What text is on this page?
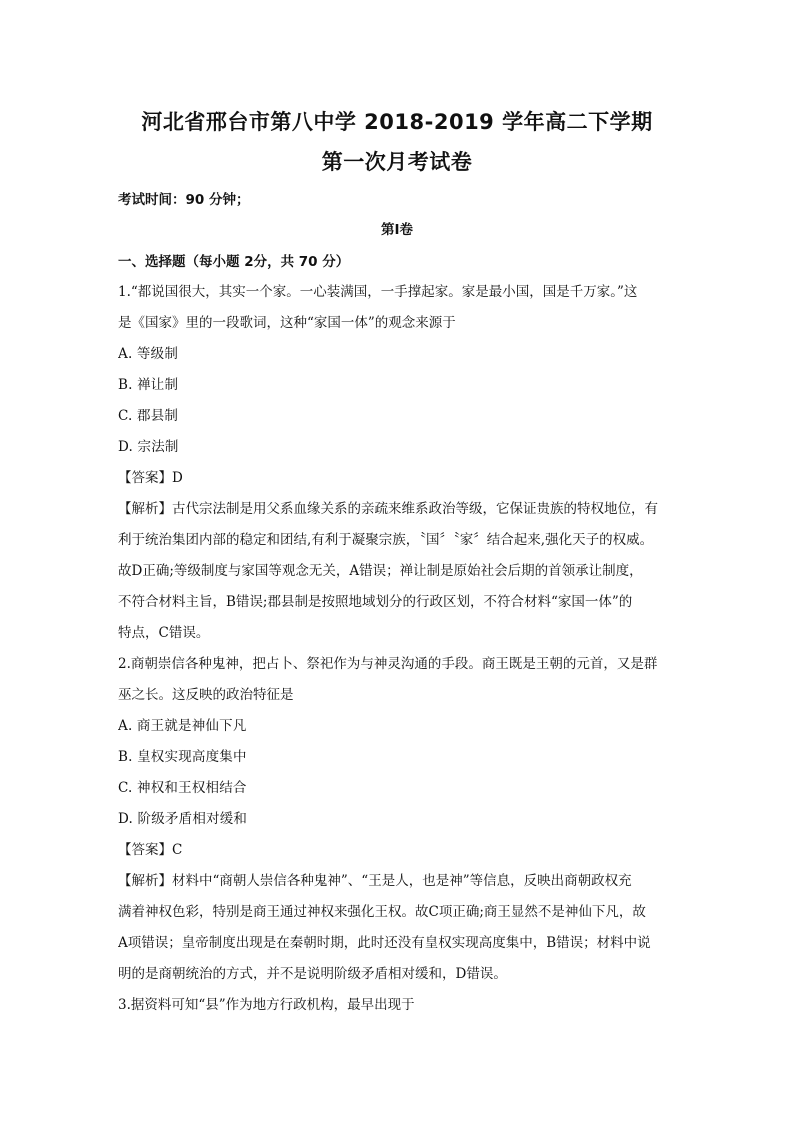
河北省邢台市第八中学 2018-2019 学年高二下学期
第一次月考试卷
考试时间：90 分钟；
第Ⅰ卷
一、选择题（每小题 2分，共 70 分）

1.“都说国很大，其实一个家。一心装满国，一手撑起家。家是最小国，国是千万家。”这

是《国家》里的一段歌词，这种“家国一体”的观念来源于

A. 等级制

B. 禅让制

C. 郡县制

D. 宗法制

【答案】D

【解析】古代宗法制是用父系血缘关系的亲疏来维系政治等级，它保证贵族的特权地位，有

利于统治集团内部的稳定和团结,有利于凝聚宗族，〝国〞〝家〞结合起来,强化天子的权威。

故D正确;等级制度与家国等观念无关，A错误；禅让制是原始社会后期的首领承让制度，

不符合材料主旨，B错误;郡县制是按照地域划分的行政区划，不符合材料“家国一体”的

特点，C错误。

2.商朝崇信各种鬼神，把占卜、祭祀作为与神灵沟通的手段。商王既是王朝的元首，又是群

巫之长。这反映的政治特征是

A. 商王就是神仙下凡

B. 皇权实现高度集中

C. 神权和王权相结合

D. 阶级矛盾相对缓和

【答案】C

【解析】材料中“商朝人崇信各种鬼神”、“王是人，也是神”等信息，反映出商朝政权充

满着神权色彩，特别是商王通过神权来强化王权。故C项正确;商王显然不是神仙下凡，故

A项错误；皇帝制度出现是在秦朝时期，此时还没有皇权实现高度集中，B错误；材料中说

明的是商朝统治的方式，并不是说明阶级矛盾相对缓和，D错误。

3.据资料可知“县”作为地方行政机构，最早出现于
